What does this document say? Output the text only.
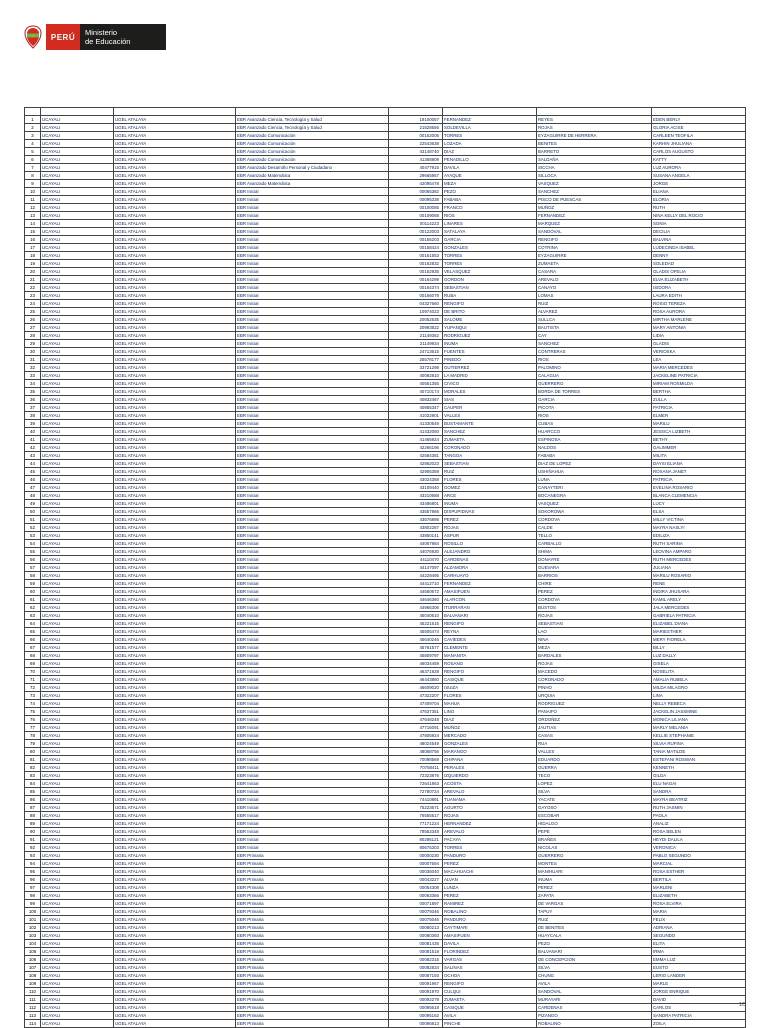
PERÚ	Ministerio
de Educación

1	UCAYALI	UGEL ATALAYA	EBR Avanzado Ciencia, Tecnología y Salud	19100057	FERNANDEZ	REYES	EDEN BERLY
2	UCAYALI	UGEL ATALAYA	EBR Avanzado Ciencia, Tecnología y Salud	21528556	SOLDEVILLA	ROJAS	GLORIA ACISE
3	UCAYALI	UGEL ATALAYA	EBR Avanzado Comunicación	00162005	TORRES	EYZAGUIRRE DE HERRERA	CARLEEN TEOFILA
4	UCAYALI	UGEL ATALAYA	EBR Avanzado Comunicación	22543638	LOZADA	BENITES	KARHIN JHULIANA
5	UCAYALI	UGEL ATALAYA	EBR Avanzado Comunicación	43148740	DIAZ	BARRETO	CARLOS AUGUSTO
6	UCAYALI	UGEL ATALAYA	EBR Avanzado Comunicación	41368809	PENADILLO	SALDAÑA	KATTY
7	UCAYALI	UGEL ATALAYA	EBR Avanzado Desarrollo Personal y Ciudadano	40477915	DAVILA	SICCHA	LUZ AURORA
8	UCAYALI	UGEL ATALAYA	EBR Avanzado Matemática	29665957	AYAQUE	SILLOCA	SUSANA ANGELA
9	UCAYALI	UGEL ATALAYA	EBR Avanzado Matemática	42095478	MEZA	VASQUEZ	JORGE
10	UCAYALI	UGEL ATALAYA	EBR Inicial	00065382	PEZO	SANCHEZ	ELIANA
11	UCAYALI	UGEL ATALAYA	EBR Inicial	00095338	FABABA	PISCO DE PUESCAS	ELORIA
12	UCAYALI	UGEL ATALAYA	EBR Inicial	00100085	FRANCO	MUÑOZ	RUTH
13	UCAYALI	UGEL ATALAYA	EBR Inicial	00109068	RIOS	FERNANDEZ	NINA KELLY DEL ROCIO
14	UCAYALI	UGEL ATALAYA	EBR Inicial	00114223	LINARES	MARQUEZ	SONIA
15	UCAYALI	UGEL ATALAYA	EBR Inicial	00122003	SATALAYA	SANDOVAL	DECILIA
16	UCAYALI	UGEL ATALAYA	EBR Inicial	00156203	GARCIA	RENGIFO	BALVINA
17	UCAYALI	UGEL ATALAYA	EBR Inicial	00158424	GONZALES	COTRINA	LUDECINDA ISABEL
18	UCAYALI	UGEL ATALAYA	EBR Inicial	00161553	TORRES	EYZAGUIRRE	DENNY
19	UCAYALI	UGEL ATALAYA	EBR Inicial	00162832	TORRES	ZUMAETA	SOLEDAD
20	UCAYALI	UGEL ATALAYA	EBR Inicial	00162935	VELASQUEZ	CASARA	GLADIS OFELIA
21	UCAYALI	UGEL ATALAYA	EBR Inicial	00164299	GORDON	AREVALO	ELVA ELIZABETH
22	UCAYALI	UGEL ATALAYA	EBR Inicial	00164374	SEBASTIAN	CANAYO	ISIDORA
23	UCAYALI	UGEL ATALAYA	EBR Inicial	00166079	RUBA	LOMAS	LAURA EDITH
24	UCAYALI	UGEL ATALAYA	EBR Inicial	04327660	RENGIFO	RUIZ	ROSIO TEREZA
25	UCAYALI	UGEL ATALAYA	EBR Inicial	10974023	DE BRITO	ALVAREZ	ROSA AURORA
26	UCAYALI	UGEL ATALAYA	EBR Inicial	20052535	SALOME	SULLCA	MIRTHA MARLENE
27	UCAYALI	UGEL ATALAYA	EBR Inicial	20993822	YUPANQUI	BAUTISTA	MARY ANTONIA
28	UCAYALI	UGEL ATALAYA	EBR Inicial	21149362	RODRIGUEZ	CAY	LIDIA
29	UCAYALI	UGEL ATALAYA	EBR Inicial	21149934	INUMA	SANCHEZ	GLADIS
30	UCAYALI	UGEL ATALAYA	EBR Inicial	24713615	FUENTES	CONTRERAS	VERIOSKA
31	UCAYALI	UGEL ATALAYA	EBR Inicial	25578177	PINEDO	RIOS	LEA
32	UCAYALI	UGEL ATALAYA	EBR Inicial	33721298	GUTIERREZ	PALOMINO	MARIA MERCEDES
33	UCAYALI	UGEL ATALAYA	EBR Inicial	40082810	LA MADRID	CALAGUA	JACKELINE PATRICIA
34	UCAYALI	UGEL ATALAYA	EBR Inicial	40551355	CIVICO	GUERRERO	MIRIAM ROSMILDA
35	UCAYALI	UGEL ATALAYA	EBR Inicial	40710174	MORALES	BORDA DE TORRES	BERTHA
36	UCAYALI	UGEL ATALAYA	EBR Inicial	40832467	SIAS	GARCIA	ZULLA
37	UCAYALI	UGEL ATALAYA	EBR Inicial	40955347	CAUPER	PICOTA	PATRICIA
38	UCAYALI	UGEL ATALAYA	EBR Inicial	41022901	VALLES	RIOS	ELMER
39	UCAYALI	UGEL ATALAYA	EBR Inicial	41330549	BUSTAMANTE	CUBAS	MARILU
40	UCAYALI	UGEL ATALAYA	EBR Inicial	41432050	SANCHEZ	HUARCCO	JESSICA LIZBETH
41	UCAYALI	UGEL ATALAYA	EBR Inicial	41465924	ZUMAETA	ESPINOSA	BETHY
42	UCAYALI	UGEL ATALAYA	EBR Inicial	42266196	CORONADO	NALDOS	GALIMMER
43	UCAYALI	UGEL ATALAYA	EBR Inicial	42584381	TANGOA	FABABA	MILITA
44	UCAYALI	UGEL ATALAYA	EBR Inicial	42862023	SEBASTIAN	DIAZ DE LOPEZ	DAYSI ELIANA
45	UCAYALI	UGEL ATALAYA	EBR Inicial	42906359	RUIZ	USHIÑAHUA	ROXANA JANET
46	UCAYALI	UGEL ATALAYA	EBR Inicial	43024358	FLORES	LUNA	PATRICIA
47	UCAYALI	UGEL ATALAYA	EBR Inicial	43109440	GOMEZ	CANAYTERI	EVELINA ROSARIO
48	UCAYALI	UGEL ATALAYA	EBR Inicial	43210688	ARCE	BOCANEGRA	BLANCA CLEMENCIA
49	UCAYALI	UGEL ATALAYA	EBR Inicial	43486801	INUMA	VASQUEZ	LUCY
50	UCAYALI	UGEL ATALAYA	EBR Inicial	43557866	DISPUPIDIVAS	SOKOROWA	ELSA
51	UCAYALI	UGEL ATALAYA	EBR Inicial	43576895	PEREZ	CORDOVA	MILLY VICTINA
52	UCAYALI	UGEL ATALAYA	EBR Inicial	43802287	ROJAS	CALDE	MAYRA NASLYI
53	UCAYALI	UGEL ATALAYA	EBR Inicial	43850141	ASPUR	TELLO	EDILIZA
54	UCAYALI	UGEL ATALAYA	EBR Inicial	44067984	ROSILLO	CARBALLO	RUTH SARINA
55	UCAYALI	UGEL ATALAYA	EBR Inicial	44076930	ALEJANDRO	SHIMA	LEOVINA AMPARO
56	UCAYALI	UGEL ATALAYA	EBR Inicial	44110470	CARDENAS	DONAYRE	RUTH MERCEDES
57	UCAYALI	UGEL ATALAYA	EBR Inicial	44147097	ALZAMORA	GUEVARA	JULIANA
58	UCAYALI	UGEL ATALAYA	EBR Inicial	44229495	CARHUAYO	BARRIOS	MARILU ROSARIO
59	UCAYALI	UGEL ATALAYA	EBR Inicial	44412710	FERNANDEZ	CHIRE	RENE
60	UCAYALI	UGEL ATALAYA	EBR Inicial	44560672	AMASIFUEN	PEREZ	INDIRA JHUSARA
61	UCAYALI	UGEL ATALAYA	EBR Inicial	44646360	ALARCON	CORDOVA	KAMIL ARELY
62	UCAYALI	UGEL ATALAYA	EBR Inicial	44966306	ITURRARAN	BUSTOS	JALA MERCEDES
63	UCAYALI	UGEL ATALAYA	EBR Inicial	45040610	BALVANARI	ROJAS	GABRIELA PATRICIA
64	UCAYALI	UGEL ATALAYA	EBR Inicial	45221615	RENGIFO	SEBASTIAN	ELIZABEL DIANA
65	UCAYALI	UGEL ATALAYA	EBR Inicial	45505474	REYNA	LAO	MARIESTHER
66	UCAYALI	UGEL ATALAYA	EBR Inicial	45640246	CAVIEDES	NINA	MERY FIORELA
67	UCAYALI	UGEL ATALAYA	EBR Inicial	45761577	CLEMENTE	MEZA	BILLY
68	UCAYALI	UGEL ATALAYA	EBR Inicial	45809797	MANANITA	BARDALES	LUZ DALLY
69	UCAYALI	UGEL ATALAYA	EBR Inicial	46034459	ROSANO	ROJAS	GISELA
70	UCAYALI	UGEL ATALAYA	EBR Inicial	46371928	RENGIFO	MACEDO	NOSELITA
71	UCAYALI	UGEL ATALAYA	EBR Inicial	46443860	CASIQUE	CORONADO	AMALIA RUBELA
72	UCAYALI	UGEL ATALAYA	EBR Inicial	46609020	ISUIZA	PINHO	MILDA MILAGRO
73	UCAYALI	UGEL ATALAYA	EBR Inicial	47322207	FLORES	URQUIA	LINA
74	UCAYALI	UGEL ATALAYA	EBR Inicial	47409704	MAHUA	RODRIGUEZ	NELLY REBECA
75	UCAYALI	UGEL ATALAYA	EBR Inicial	47637351	LINO	PANAIFO	JACKELIN JASSMINE
76	UCAYALI	UGEL ATALAYA	EBR Inicial	47648248	DIAZ	ORDOÑEZ	MONICA LILIANA
77	UCAYALI	UGEL ATALAYA	EBR Inicial	47716091	MUÑOZ	JAUTIAS	MARLY MELANIA
78	UCAYALI	UGEL ATALAYA	EBR Inicial	47805924	MERCADO	CASAS	KELLIE STEPHANIE
79	UCAYALI	UGEL ATALAYA	EBR Inicial	48024549	GONZALES	RUA	SILVIA RUFINA
80	UCAYALI	UGEL ATALAYA	EBR Inicial	48068756	MARANGO	VALLES	TANIA MATILDE
81	UCAYALI	UGEL ATALAYA	EBR Inicial	70098569	CHIPANA	EDUARDO	ESTEFANI ROSWAN
82	UCAYALI	UGEL ATALAYA	EBR Inicial	70758411	PERALES	GUERRA	KENNETH
83	UCAYALI	UGEL ATALAYA	EBR Inicial	72323876	IZQUIERDO	TECO	GILDA
84	UCAYALI	UGEL ATALAYA	EBR Inicial	72641863	ACOSTA	LOPEZ	ELU NAGAI
85	UCAYALI	UGEL ATALAYA	EBR Inicial	72780724	AREVALO	SILVA	SANDRA
86	UCAYALI	UGEL ATALAYA	EBR Inicial	74410891	TUANAMA	YACATE	MAYRA BEATRIZ
87	UCAYALI	UGEL ATALAYA	EBR Inicial	75223671	AGURTO	GAYOSO	RUTH JASMIN
88	UCAYALI	UGEL ATALAYA	EBR Inicial	76555517	ROJAS	ESCOBAR	PAOLA
89	UCAYALI	UGEL ATALAYA	EBR Inicial	77171224	HERNANDEZ	HIDALGO	ANALIZ
90	UCAYALI	UGEL ATALAYA	EBR Inicial	78553348	AREVALO	PEPE	ROSA BELEN
91	UCAYALI	UGEL ATALAYA	EBR Inicial	80286121	PACAYA	BRAÑES	HEYDI DALILA
92	UCAYALI	UGEL ATALAYA	EBR Inicial	80675303	TORRES	NICOLAS	VERONICA
93	UCAYALI	UGEL ATALAYA	EBR Primaria	00000230	PANDURO	GUERRERO	PABLO SEGUNDO
94	UCAYALI	UGEL ATALAYA	EBR Primaria	00007694	PEREZ	MONTES	MARCIAL
95	UCAYALI	UGEL ATALAYA	EBR Primaria	00035040	MACAHUACHI	MANIHUARI	ROSA ESTHER
96	UCAYALI	UGEL ATALAYA	EBR Primaria	00043227	ALVAN	INUMA	BERTILA
97	UCAYALI	UGEL ATALAYA	EBR Primaria	00054308	LUNZA	PEREZ	MARLENI
98	UCAYALI	UGEL ATALAYA	EBR Primaria	00063366	PEREZ	ZAPATA	ELIZABETH
99	UCAYALI	UGEL ATALAYA	EBR Primaria	00071897	RAMIREZ	DE VARGAS	ROSA ELVIRA
100	UCAYALI	UGEL ATALAYA	EBR Primaria	00079346	ROBALINO	TAPUY	MARIA
101	UCAYALI	UGEL ATALAYA	EBR Primaria	00075046	PANDURO	RUIZ	FELIX
102	UCAYALI	UGEL ATALAYA	EBR Primaria	00080213	CAYTIMARI	DE BENITES	ADRIANA
103	UCAYALI	UGEL ATALAYA	EBR Primaria	00080393	AMASIFUEN	HUAYCALA	SEGUNDO
104	UCAYALI	UGEL ATALAYA	EBR Primaria	00081435	DAVILA	PEZO	ELITA
105	UCAYALI	UGEL ATALAYA	EBR Primaria	00081518	FLORINDEZ	BALVANARI	IRMA
106	UCAYALI	UGEL ATALAYA	EBR Primaria	00082315	VARGAS	DE CONCEPCION	EMMA LUZ
107	UCAYALI	UGEL ATALAYA	EBR Primaria	00082834	SALINAS	SILVA	EUSTO
108	UCAYALI	UGEL ATALAYA	EBR Primaria	00087193	OCHOA	CHUNG	LERIO LANDER
109	UCAYALI	UGEL ATALAYA	EBR Primaria	00091967	RENGIFO	AVILA	MARLE
110	UCAYALI	UGEL ATALAYA	EBR Primaria	00091970	CULQUI	SANDOVAL	JORGE ENRIQUE
111	UCAYALI	UGEL ATALAYA	EBR Primaria	00092279	ZUMAETA	MURAYARI	DAVID
112	UCAYALI	UGEL ATALAYA	EBR Primaria	00095618	CASIQUE	CARDENAS	CARLOS
113	UCAYALI	UGEL ATALAYA	EBR Primaria	00095162	AVILA	PIZANGO	SANDRA PATRICIA
114	UCAYALI	UGEL ATALAYA	EBR Primaria	00096813	PINCHE	ROBALINO	ZOILA
1/5
